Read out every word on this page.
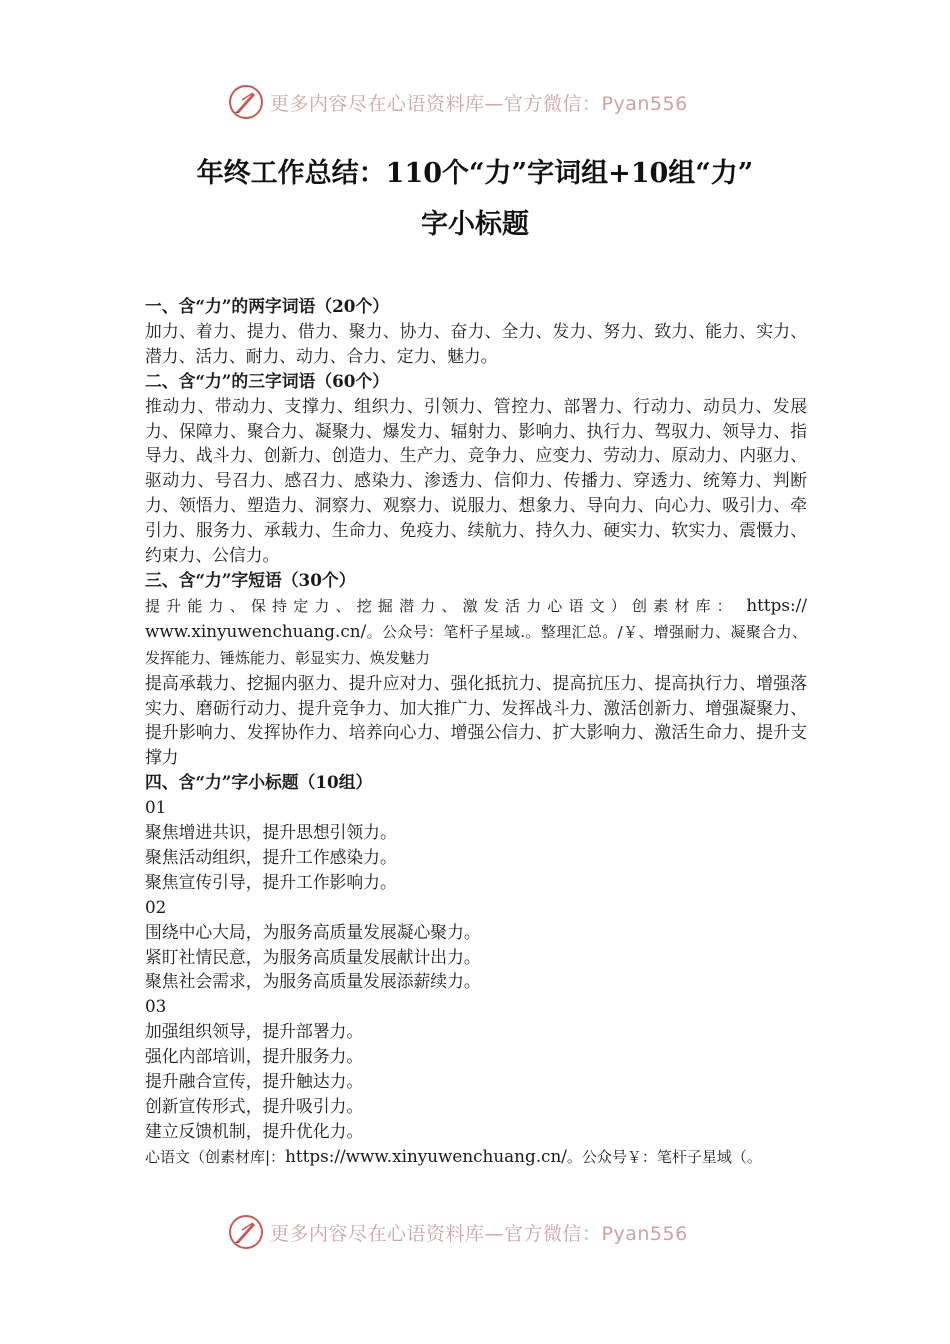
更多内容尽在心语资料库—官方微信：Pyan556
年终工作总结：110个“力”字词组+10组“力”
字小标题

一、含“力”的两字词语（20个）

加力、着力、提力、借力、聚力、协力、奋力、全力、发力、努力、致力、能力、实力、潜力、活力、耐力、动力、合力、定力、魅力。

二、含“力”的三字词语（60个）

推动力、带动力、支撑力、组织力、引领力、管控力、部署力、行动力、动员力、发展力、保障力、聚合力、凝聚力、爆发力、辐射力、影响力、执行力、驾驭力、领导力、指导力、战斗力、创新力、创造力、生产力、竞争力、应变力、劳动力、原动力、内驱力、驱动力、号召力、感召力、感染力、渗透力、信仰力、传播力、穿透力、统筹力、判断力、领悟力、塑造力、洞察力、观察力、说服力、想象力、导向力、向心力、吸引力、牵引力、服务力、承载力、生命力、免疫力、续航力、持久力、硬实力、软实力、震慑力、约束力、公信力。

三、含“力”字短语（30个）

提升能力、保持定力、挖掘潜力、激发活力心语文）创素材库： https:// www.xinyuwenchuang.cn/。公众号：笔杆子星域.。整理汇总。/￥、增强耐力、凝聚合力、发挥能力、锤炼能力、彰显实力、焕发魅力

提高承载力、挖掘内驱力、提升应对力、强化抵抗力、提高抗压力、提高执行力、增强落实力、磨砺行动力、提升竞争力、加大推广力、发挥战斗力、激活创新力、增强凝聚力、提升影响力、发挥协作力、培养向心力、增强公信力、扩大影响力、激活生命力、提升支撑力

四、含“力”字小标题（10组）

01

聚焦增进共识，提升思想引领力。

聚焦活动组织，提升工作感染力。

聚焦宣传引导，提升工作影响力。

02

围绕中心大局，为服务高质量发展凝心聚力。

紧盯社情民意，为服务高质量发展献计出力。

聚焦社会需求，为服务高质量发展添薪续力。

03

加强组织领导，提升部署力。

强化内部培训，提升服务力。

提升融合宣传，提升触达力。

创新宣传形式，提升吸引力。

建立反馈机制，提升优化力。

心语文（创素材库|：https://www.xinyuwenchuang.cn/。公众号￥：笔杆子星域（。

更多内容尽在心语资料库—官方微信：Pyan556
